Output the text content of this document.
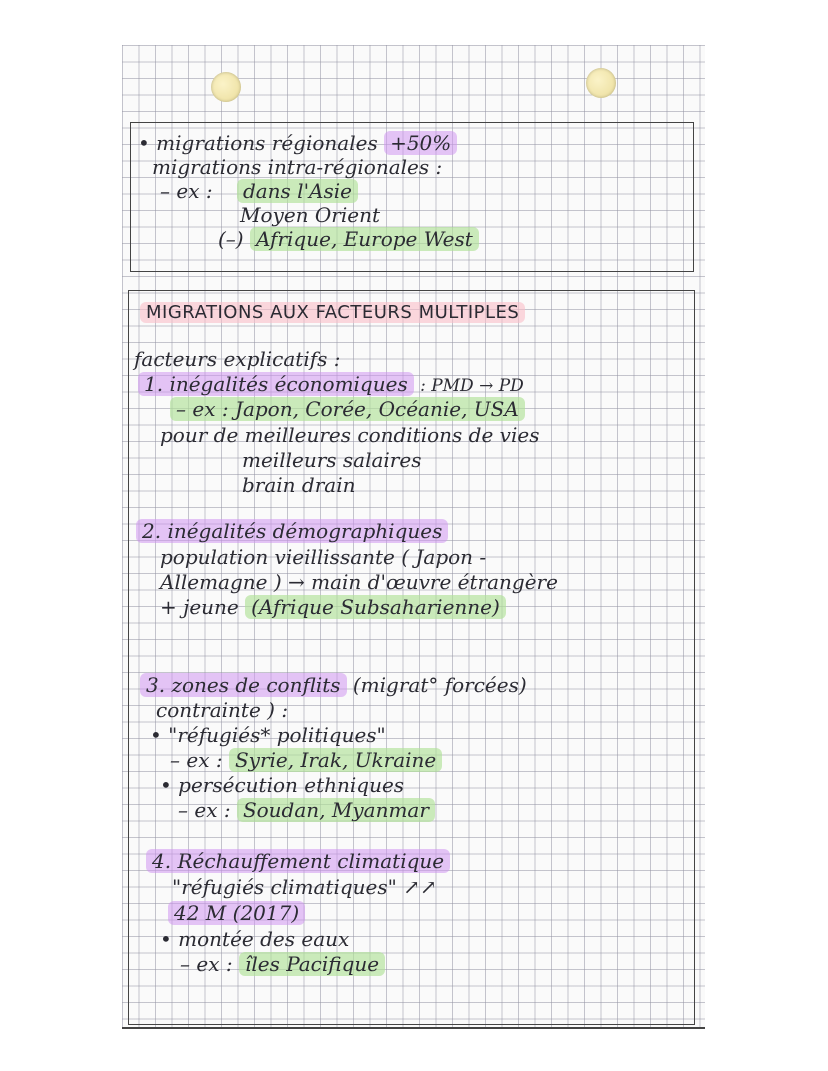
• migrations régionales +50%
migrations intra-régionales :
– ex : dans l'Asie
Moyen Orient
(–) Afrique, Europe West
MIGRATIONS AUX FACTEURS MULTIPLES
facteurs explicatifs :
1. inégalités économiques : PMD → PD
– ex : Japon, Corée, Océanie, USA
pour de meilleures conditions de vies
meilleurs salaires
brain drain
2. inégalités démographiques
population vieillissante ( Japon -
Allemagne ) → main d'œuvre étrangère
+ jeune (Afrique Subsaharienne)
3. zones de conflits (migrat° forcées)
contrainte ) :
• "réfugiés* politiques"
– ex : Syrie, Irak, Ukraine
• persécution ethniques
– ex : Soudan, Myanmar
4. Réchauffement climatique
"réfugiés climatiques" ↗↗
42 M (2017)
• montée des eaux
– ex : îles Pacifique
